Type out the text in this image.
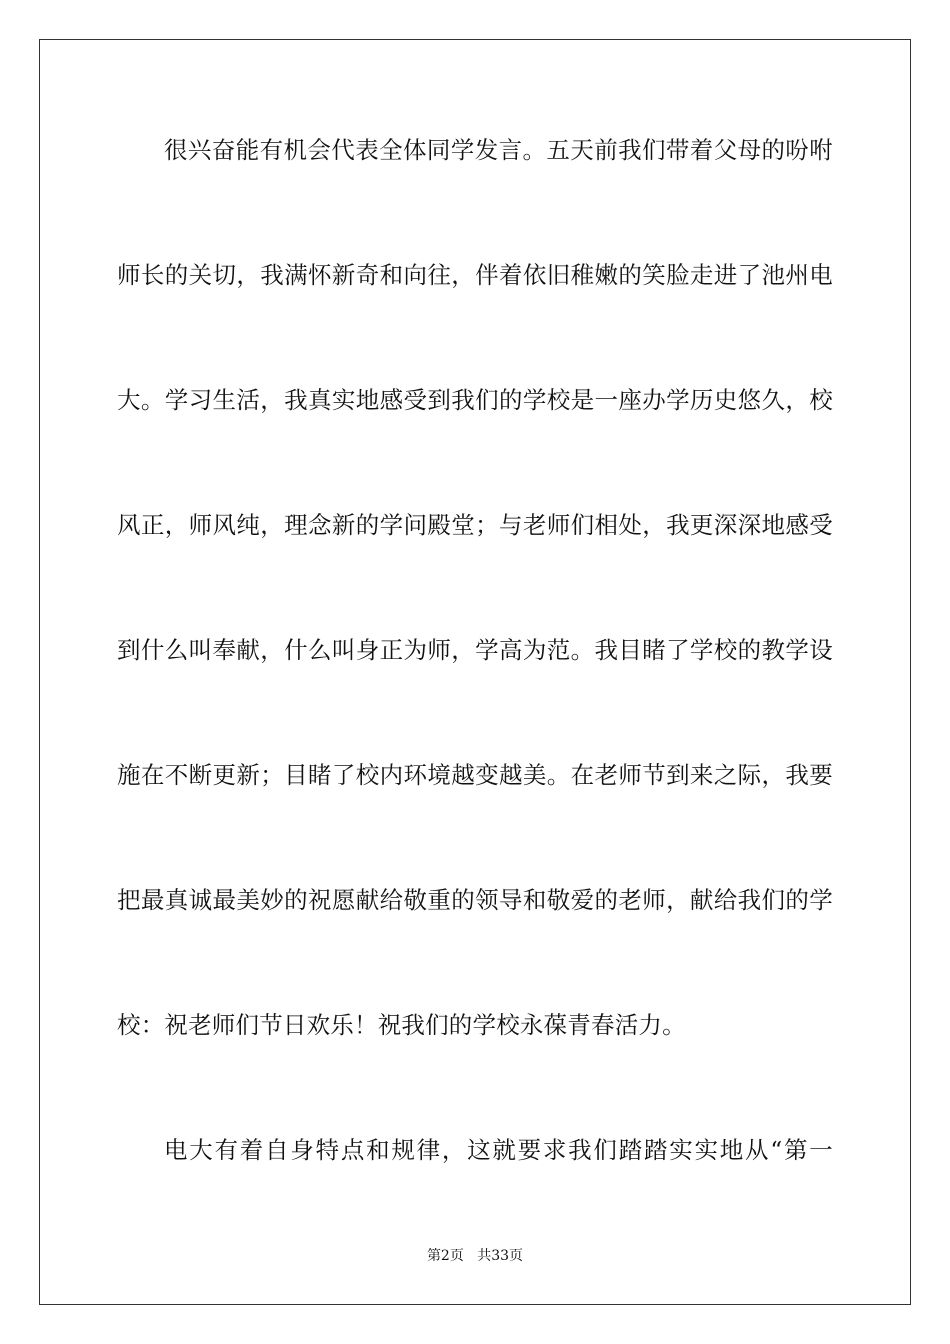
很兴奋能有机会代表全体同学发言。五天前我们带着父母的吩咐
师长的关切，我满怀新奇和向往，伴着依旧稚嫩的笑脸走进了池州电
大。学习生活，我真实地感受到我们的学校是一座办学历史悠久，校
风正，师风纯，理念新的学问殿堂；与老师们相处，我更深深地感受
到什么叫奉献，什么叫身正为师，学高为范。我目睹了学校的教学设
施在不断更新；目睹了校内环境越变越美。在老师节到来之际，我要
把最真诚最美妙的祝愿献给敬重的领导和敬爱的老师，献给我们的学
校：祝老师们节日欢乐！祝我们的学校永葆青春活力。
电大有着自身特点和规律，这就要求我们踏踏实实地从“第一
第2页 共33页
